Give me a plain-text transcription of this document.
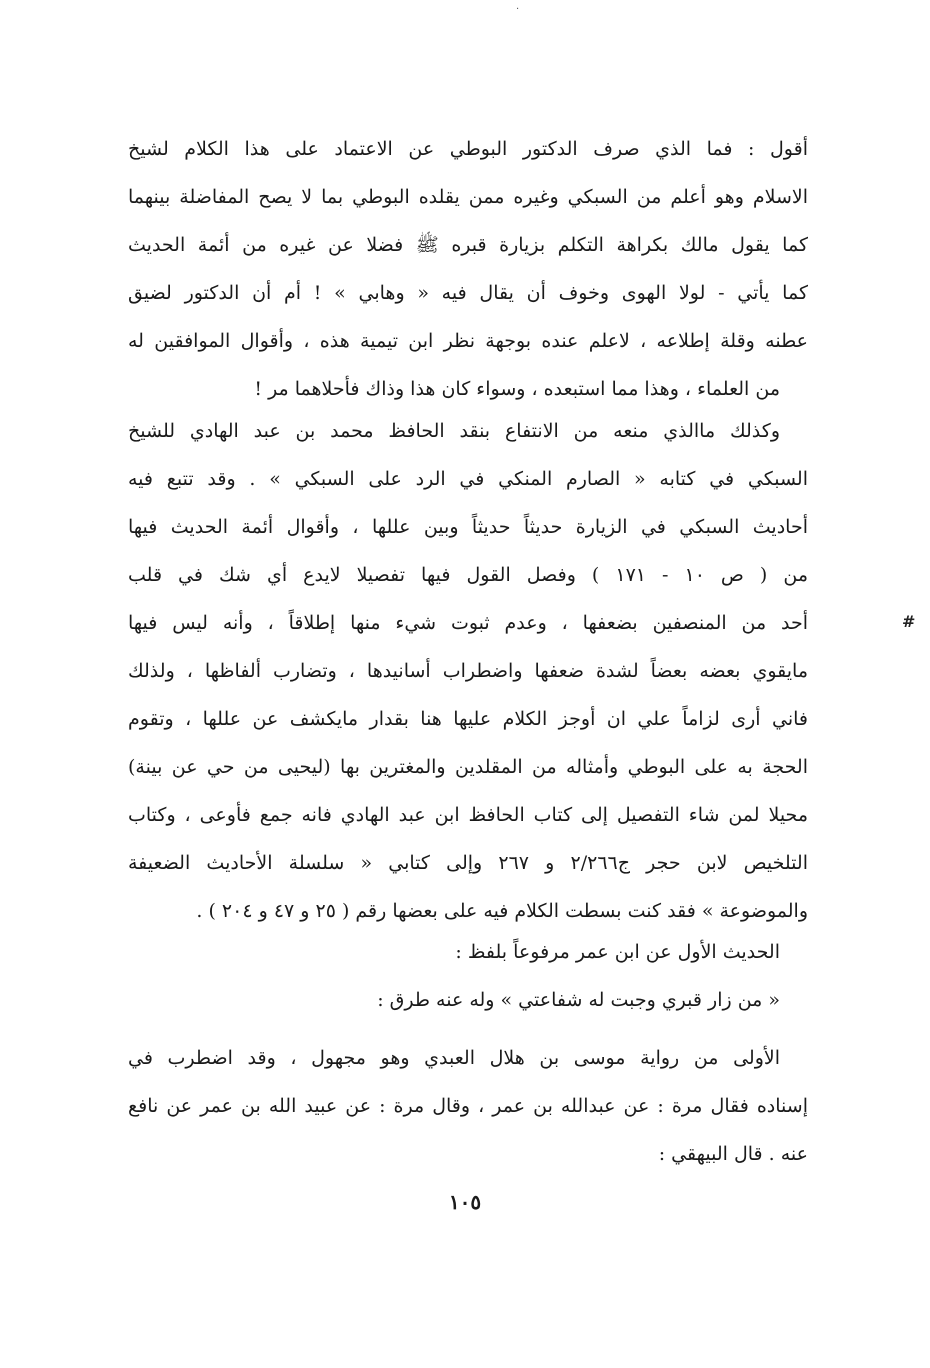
·
#
أقول : فما الذي صرف الدكتور البوطي عن الاعتماد على هذا الكلام لشيخ
الاسلام وهو أعلم من السبكي وغيره ممن يقلده البوطي بما لا يصح المفاضلة بينهما
كما يقول مالك بكراهة التكلم بزيارة قبره ﷺ فضلا عن غيره من أئمة الحديث
كما يأتي - لولا الهوى وخوف أن يقال فيه « وهابي » ! أم أن الدكتور لضيق
عطنه وقلة إطلاعه ، لاعلم عنده بوجهة نظر ابن تيمية هذه ، وأقوال الموافقين له
من العلماء ، وهذا مما استبعده ، وسواء كان هذا وذاك فأحلاهما مر !
وكذلك ماالذي منعه من الانتفاع بنقد الحافظ محمد بن عبد الهادي للشيخ
السبكي في كتابه « الصارم المنكي في الرد على السبكي » . وقد تتبع فيه
أحاديث السبكي في الزيارة حديثاً حديثاً وبين عللها ، وأقوال أئمة الحديث فيها
من ( ص ١٠ - ١٧١ ) وفصل القول فيها تفصيلا لايدع أي شك في قلب
أحد من المنصفين بضعفها ، وعدم ثبوت شيء منها إطلاقاً ، وأنه ليس فيها
مايقوي بعضه بعضاً لشدة ضعفها واضطراب أسانيدها ، وتضارب ألفاظها ، ولذلك
فاني أرى لزاماً علي ان أوجز الكلام عليها هنا بقدار مايكشف عن عللها ، وتقوم
الحجة به على البوطي وأمثاله من المقلدين والمغترين بها (ليحيى من حي عن بينة)
محيلا لمن شاء التفصيل إلى كتاب الحافظ ابن عبد الهادي فانه جمع فأوعى ، وكتاب
التلخيص لابن حجر ج٢/٢٦٦ و ٢٦٧ وإلى كتابي « سلسلة الأحاديث الضعيفة
والموضوعة » فقد كنت بسطت الكلام فيه على بعضها رقم ( ٢٥ و ٤٧ و ٢٠٤ ) .
الحديث الأول عن ابن عمر مرفوعاً بلفظ :
« من زار قبري وجبت له شفاعتي » وله عنه طرق :
الأولى من رواية موسى بن هلال العبدي وهو مجهول ، وقد اضطرب في
إسناده فقال مرة : عن عبدالله بن عمر ، وقال مرة : عن عبيد الله بن عمر عن نافع
عنه . قال البيهقي :
١٠٥
